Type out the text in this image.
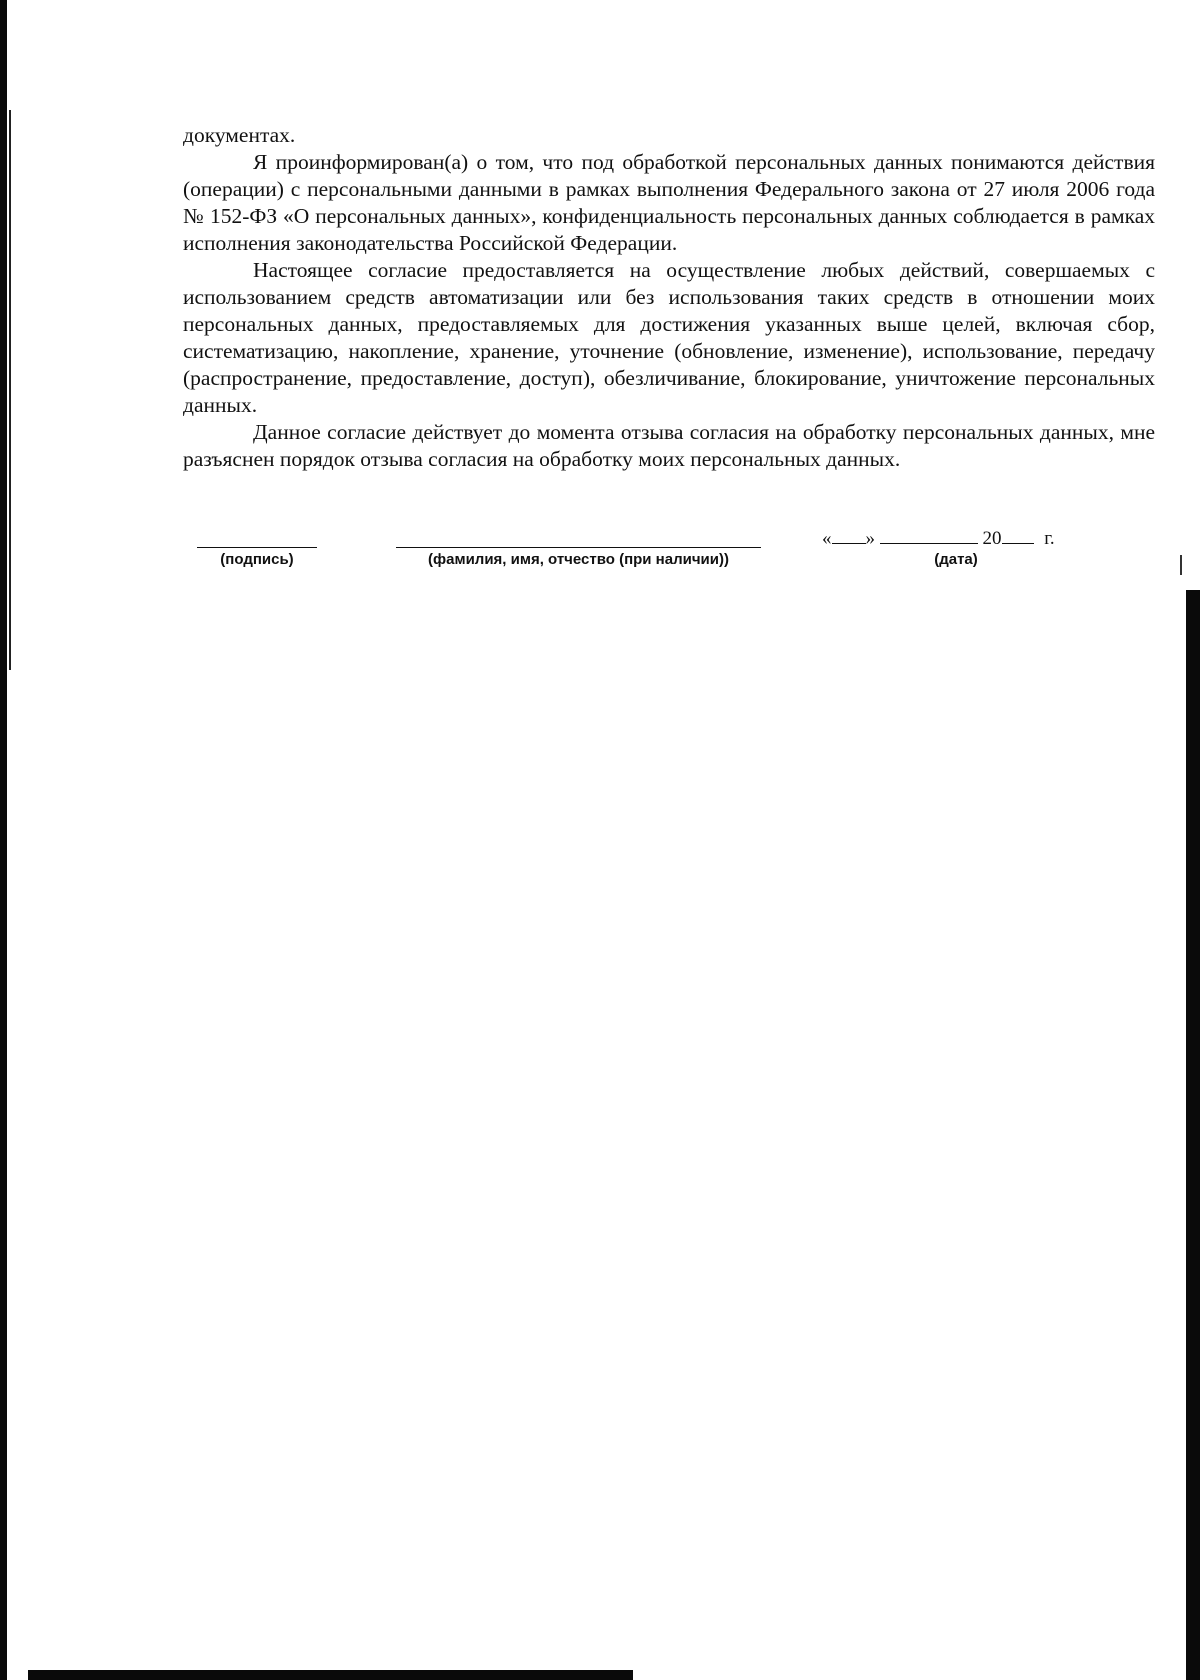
документах.

Я проинформирован(а) о том, что под обработкой персональных данных понимаются действия (операции) с персональными данными в рамках выполнения Федерального закона от 27 июля 2006 года № 152-ФЗ «О персональных данных», конфиденциальность персональных данных соблюдается в рамках исполнения законодательства Российской Федерации.

Настоящее согласие предоставляется на осуществление любых действий, совершаемых с использованием средств автоматизации или без использования таких средств в отношении моих персональных данных, предоставляемых для достижения указанных выше целей, включая сбор, систематизацию, накопление, хранение, уточнение (обновление, изменение), использование, передачу (распространение, предоставление, доступ), обезличивание, блокирование, уничтожение персональных данных.

Данное согласие действует до момента отзыва согласия на обработку персональных данных, мне разъяснен порядок отзыва согласия на обработку моих персональных данных.

(подпись)	(фамилия, имя, отчество (при наличии))
« »	20 г.
(дата)
